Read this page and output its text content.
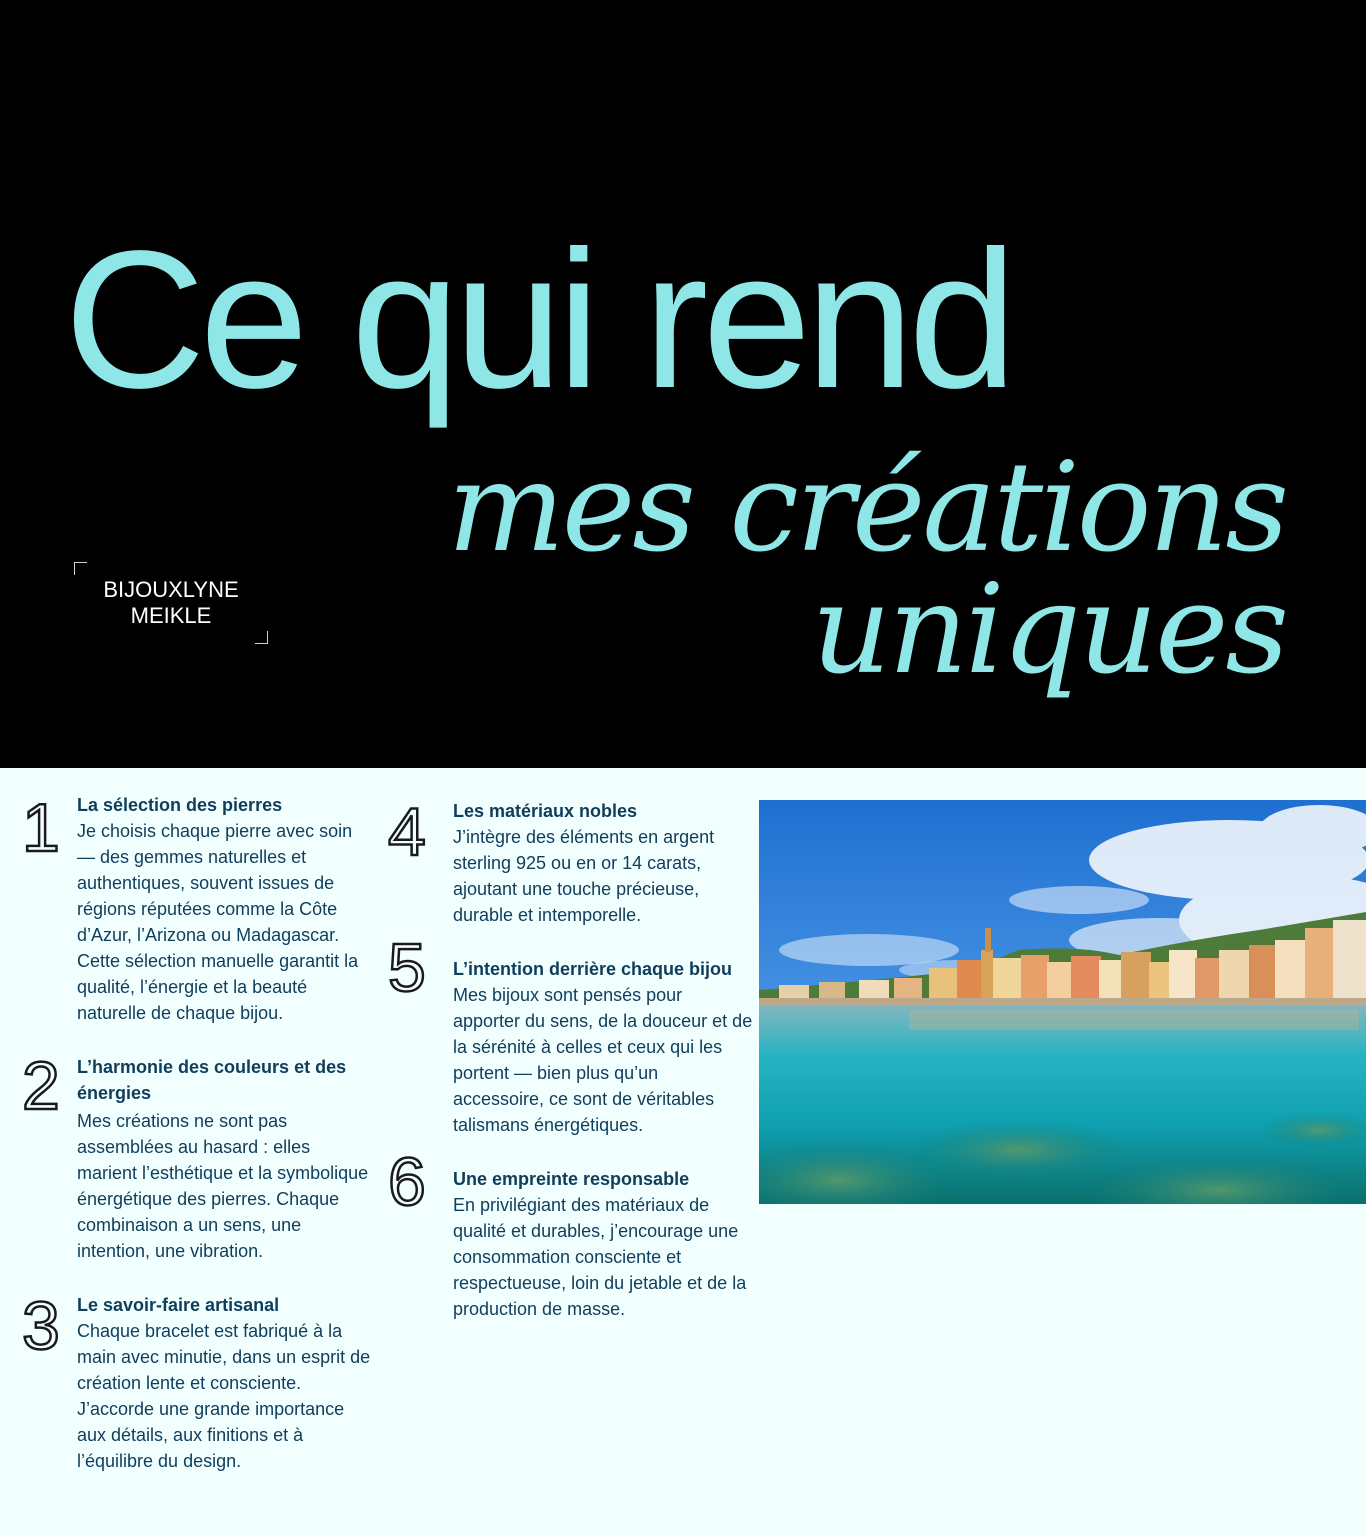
Ce qui rend
mes créations
uniques
BIJOUXLYNE
MEIKLE
1 La sélection des pierres

Je choisis chaque pierre avec soin — des gemmes naturelles et authentiques, souvent issues de régions réputées comme la Côte d’Azur, l’Arizona ou Madagascar. Cette sélection manuelle garantit la qualité, l’énergie et la beauté naturelle de chaque bijou.

2 L’harmonie des couleurs et des énergies

Mes créations ne sont pas assemblées au hasard : elles marient l’esthétique et la symbolique énergétique des pierres. Chaque combinaison a un sens, une intention, une vibration.

3 Le savoir-faire artisanal

Chaque bracelet est fabriqué à la main avec minutie, dans un esprit de création lente et consciente. J’accorde une grande importance aux détails, aux finitions et à l’équilibre du design.

4 Les matériaux nobles

J’intègre des éléments en argent sterling 925 ou en or 14 carats, ajoutant une touche précieuse, durable et intemporelle.

5 L’intention derrière chaque bijou

Mes bijoux sont pensés pour apporter du sens, de la douceur et de la sérénité à celles et ceux qui les portent — bien plus qu’un accessoire, ce sont de véritables talismans énergétiques.

6 Une empreinte responsable

En privilégiant des matériaux de qualité et durables, j’encourage une consommation consciente et respectueuse, loin du jetable et de la production de masse.
